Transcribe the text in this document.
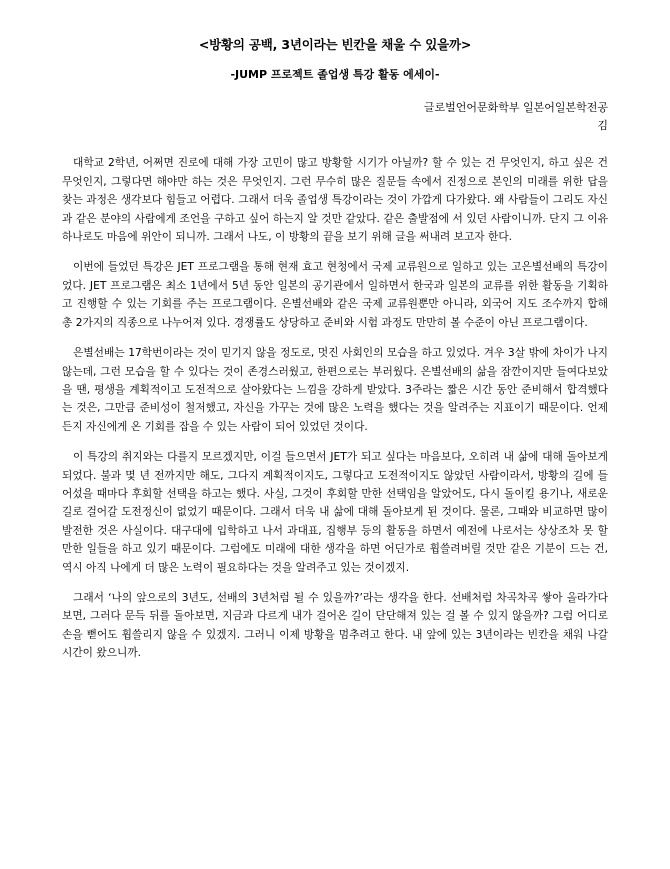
<방황의 공백, 3년이라는 빈칸을 채울 수 있을까>
-JUMP 프로젝트 졸업생 특강 활동 에세이-
글로벌언어문화학부 일본어일본학전공
김

대학교 2학년, 어쩌면 진로에 대해 가장 고민이 많고 방황할 시기가 아닐까? 할 수 있는 건 무엇인지, 하고 싶은 건 무엇인지, 그렇다면 해야만 하는 것은 무엇인지. 그런 무수히 많은 질문들 속에서 진정으로 본인의 미래를 위한 답을 찾는 과정은 생각보다 힘들고 어렵다. 그래서 더욱 졸업생 특강이라는 것이 가깝게 다가왔다. 왜 사람들이 그리도 자신과 같은 분야의 사람에게 조언을 구하고 싶어 하는지 알 것만 같았다. 같은 출발점에 서 있던 사람이니까. 단지 그 이유 하나로도 마음에 위안이 되니까. 그래서 나도, 이 방황의 끝을 보기 위해 글을 써내려 보고자 한다.

이번에 들었던 특강은 JET 프로그램을 통해 현재 효고 현청에서 국제 교류원으로 일하고 있는 고은별선배의 특강이었다. JET 프로그램은 최소 1년에서 5년 동안 일본의 공기관에서 일하면서 한국과 일본의 교류를 위한 활동을 기획하고 진행할 수 있는 기회를 주는 프로그램이다. 은별선배와 같은 국제 교류원뿐만 아니라, 외국어 지도 조수까지 합해 총 2가지의 직종으로 나누어져 있다. 경쟁률도 상당하고 준비와 시험 과정도 만만히 볼 수준이 아닌 프로그램이다.

은별선배는 17학번이라는 것이 믿기지 않을 정도로, 멋진 사회인의 모습을 하고 있었다. 겨우 3살 밖에 차이가 나지 않는데, 그런 모습을 할 수 있다는 것이 존경스러웠고, 한편으로는 부러웠다. 은별선배의 삶을 잠깐이지만 들여다보았을 땐, 평생을 계획적이고 도전적으로 살아왔다는 느낌을 강하게 받았다. 3주라는 짧은 시간 동안 준비해서 합격했다는 것은, 그만큼 준비성이 철저했고, 자신을 가꾸는 것에 많은 노력을 했다는 것을 알려주는 지표이기 때문이다. 언제든지 자신에게 온 기회를 잡을 수 있는 사람이 되어 있었던 것이다.

이 특강의 취지와는 다를지 모르겠지만, 이걸 들으면서 JET가 되고 싶다는 마음보다, 오히려 내 삶에 대해 돌아보게 되었다. 불과 몇 년 전까지만 해도, 그다지 계획적이지도, 그렇다고 도전적이지도 않았던 사람이라서, 방황의 길에 들어섰을 때마다 후회할 선택을 하고는 했다. 사실, 그것이 후회할 만한 선택임을 알았어도, 다시 돌이킬 용기나, 새로운 길로 걸어갈 도전정신이 없었기 때문이다. 그래서 더욱 내 삶에 대해 돌아보게 된 것이다. 물론, 그때와 비교하면 많이 발전한 것은 사실이다. 대구대에 입학하고 나서 과대표, 집행부 등의 활동을 하면서 예전에 나로서는 상상조차 못 할 만한 일들을 하고 있기 때문이다. 그럼에도 미래에 대한 생각을 하면 어딘가로 휩쓸려버릴 것만 같은 기분이 드는 건, 역시 아직 나에게 더 많은 노력이 필요하다는 것을 알려주고 있는 것이겠지.

그래서 ‘나의 앞으로의 3년도, 선배의 3년처럼 될 수 있을까?’라는 생각을 한다. 선배처럼 차곡차곡 쌓아 올라가다 보면, 그러다 문득 뒤를 돌아보면, 지금과 다르게 내가 걸어온 길이 단단해져 있는 걸 볼 수 있지 않을까? 그럼 어디로 손을 뻗어도 휩쓸리지 않을 수 있겠지. 그러니 이제 방황을 멈추려고 한다. 내 앞에 있는 3년이라는 빈칸을 채워 나갈 시간이 왔으니까.
